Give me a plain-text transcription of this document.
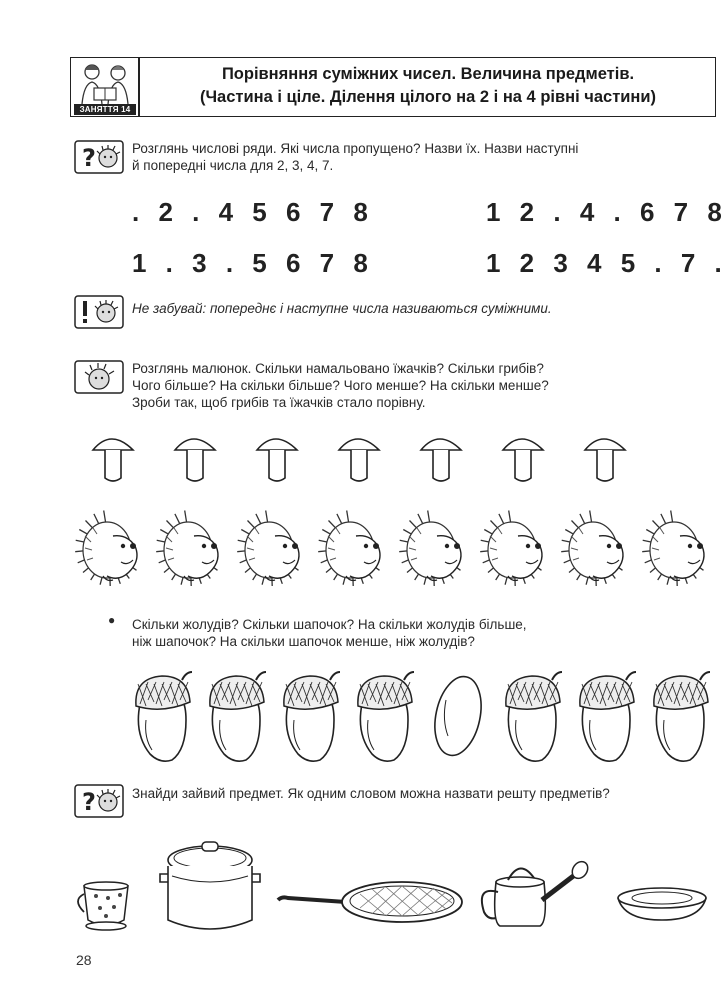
ЗАНЯТТЯ 14
Порівняння суміжних чисел. Величина предметів.
(Частина і ціле. Ділення цілого на 2 і на 4 рівні частини)
?	Розглянь числові ряди. Які числа пропущено? Назви їх. Назви наступні
й попередні числа для 2, 3, 4, 7.
. 2 . 4 5 6 7 8	1 2 . 4 . 6 7 8
1 . 3 . 5 6 7 8	1 2 3 4 5 . 7 .
Не забувай: попереднє і наступне числа називаються суміжними.
Розглянь малюнок. Скільки намальовано їжачків? Скільки грибів?
Чого більше? На скільки більше? Чого менше? На скільки менше?
Зроби так, щоб грибів та їжачків стало порівну.
● Скільки жолудів? Скільки шапочок? На скільки жолудів більше,
ніж шапочок? На скільки шапочок менше, ніж жолудів?
?	Знайди зайвий предмет. Як одним словом можна назвати решту предметів?
28
